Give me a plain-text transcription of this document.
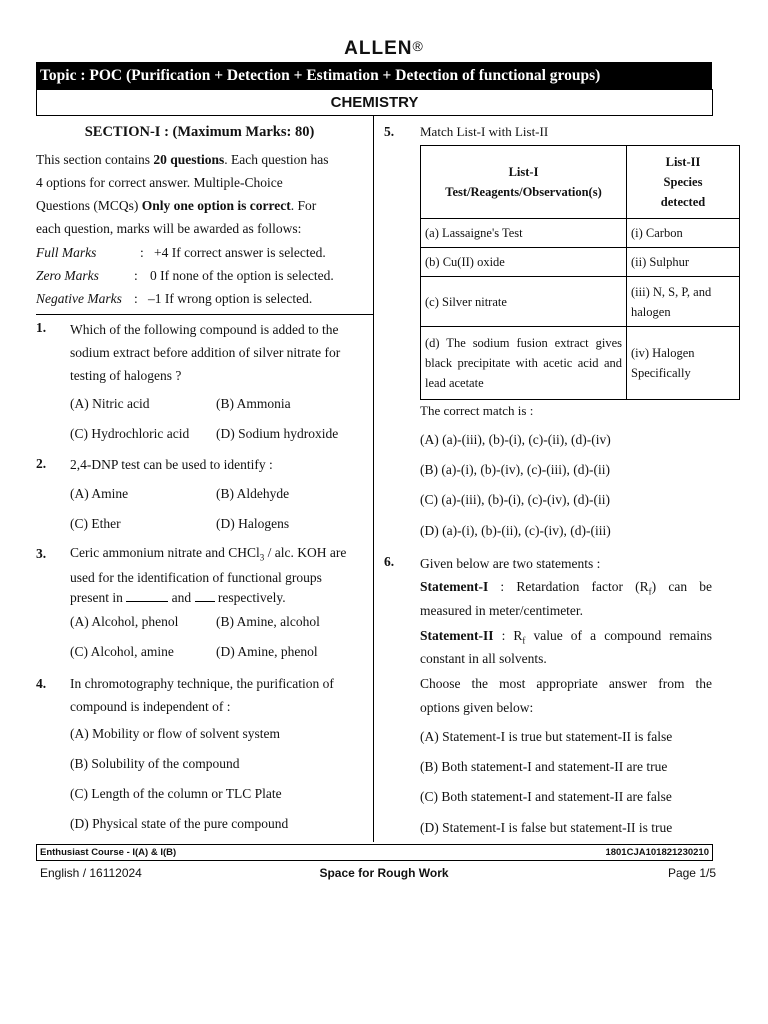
ALLEN®
Topic : POC (Purification + Detection + Estimation + Detection of functional groups)
CHEMISTRY
SECTION-I : (Maximum Marks: 80)
This section contains 20 questions. Each question has
4 options for correct answer. Multiple-Choice
Questions (MCQs) Only one option is correct. For
each question, marks will be awarded as follows:
Full Marks	: +4 If correct answer is selected.
Zero Marks	: 0 If none of the option is selected.
Negative Marks : –1 If wrong option is selected.
1. Which of the following compound is added to the
sodium extract before addition of silver nitrate for
testing of halogens ?
(A) Nitric acid	(B) Ammonia
(C) Hydrochloric acid (D) Sodium hydroxide
2. 2,4-DNP test can be used to identify :
(A) Amine	(B) Aldehyde
(C) Ether	(D) Halogens
3. Ceric ammonium nitrate and CHCl$_3$ / alc. KOH are
used for the identification of functional groups
present in	and respectively.
(A) Alcohol, phenol	(B) Amine, alcohol
(C) Alcohol, amine	(D) Amine, phenol
4. In chromotography technique, the purification of
compound is independent of :
(A) Mobility or flow of solvent system
(B) Solubility of the compound
(C) Length of the column or TLC Plate
(D) Physical state of the pure compound
5. Match List-I with List-II
List-I
Test/Reagents/Observation(s)	List-II
Species
detected
(a) Lassaigne's Test	(i) Carbon
(b) Cu(II) oxide	(ii) Sulphur
(c) Silver nitrate	(iii) N, S, P, and halogen
(d) The sodium fusion extract gives black precipitate with acetic acid and lead acetate	(iv) Halogen Specifically
The correct match is :
(A) (a)-(iii), (b)-(i), (c)-(ii), (d)-(iv)
(B) (a)-(i), (b)-(iv), (c)-(iii), (d)-(ii)
(C) (a)-(iii), (b)-(i), (c)-(iv), (d)-(ii)
(D) (a)-(i), (b)-(ii), (c)-(iv), (d)-(iii)
6. Given below are two statements :
Statement-I : Retardation factor $(R_f)$ can be
measured in meter/centimeter.
Statement-II : $R_f$ value of a compound remains
constant in all solvents.
Choose the most appropriate answer from the
options given below:
(A) Statement-I is true but statement-II is false
(B) Both statement-I and statement-II are true
(C) Both statement-I and statement-II are false
(D) Statement-I is false but statement-II is true
Enthusiast Course - I(A) & I(B)	1801CJA101821230210
English / 16112024	Space for Rough Work	Page 1/5
